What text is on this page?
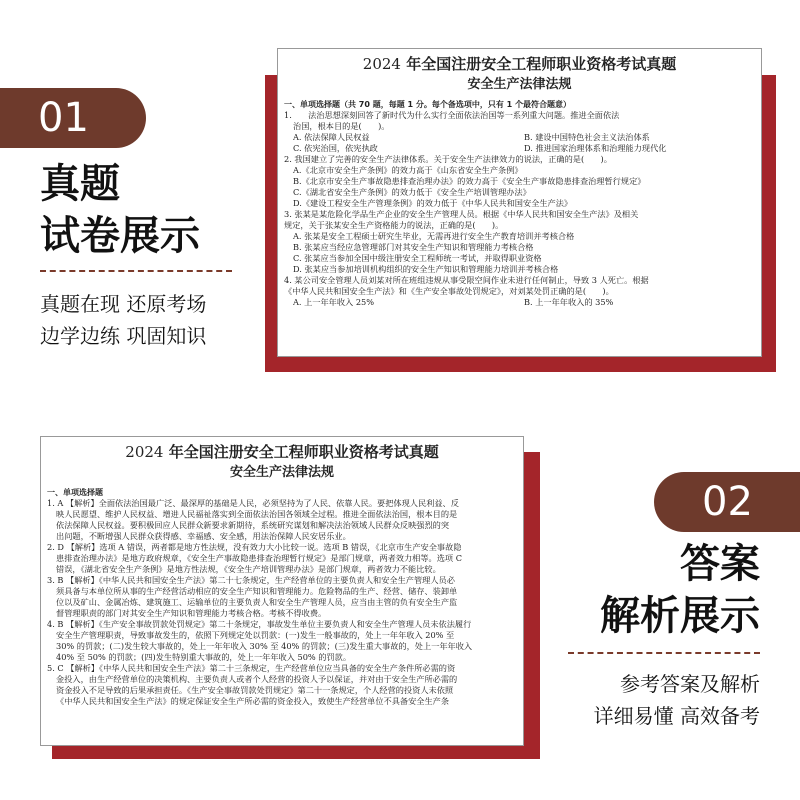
01
真题
试卷展示
真题在现 还原考场
边学边练 巩固知识
2024 年全国注册安全工程师职业资格考试真题
安全生产法律法规
一、单项选择题（共 70 题，每题 1 分。每个备选项中，只有 1 个最符合题意）
1.　　法治思想深刻回答了新时代为什么实行全面依法治国等一系列重大问题。推进全面依法
治国，根本目的是(　　)。
A. 依法保障人民权益	B. 建设中国特色社会主义法治体系
C. 依宪治国，依宪执政	D. 推进国家治理体系和治理能力现代化
2. 我国建立了完善的安全生产法律体系。关于安全生产法律效力的说法，正确的是(　　)。
A.《北京市安全生产条例》的效力高于《山东省安全生产条例》
B.《北京市安全生产事故隐患排查治理办法》的效力高于《安全生产事故隐患排查治理暂行规定》
C.《湖北省安全生产条例》的效力低于《安全生产培训管理办法》
D.《建设工程安全生产管理条例》的效力低于《中华人民共和国安全生产法》
3. 张某是某危险化学品生产企业的安全生产管理人员。根据《中华人民共和国安全生产法》及相关
规定，关于张某安全生产资格能力的说法，正确的是(　　)。
A. 张某是安全工程硕士研究生毕业，无需再进行安全生产教育培训并考核合格
B. 张某应当经应急管理部门对其安全生产知识和管理能力考核合格
C. 张某应当参加全国中级注册安全工程师统一考试，并取得职业资格
D. 张某应当参加培训机构组织的安全生产知识和管理能力培训并考核合格
4. 某公司安全管理人员刘某对所在班组违规从事受限空间作业未进行任何制止，导致 3 人死亡。根据
《中华人民共和国安全生产法》和《生产安全事故处罚规定》，对刘某处罚正确的是(　　)。
A. 上一年年收入 25%	B. 上一年年收入的 35%
2024 年全国注册安全工程师职业资格考试真题
安全生产法律法规
一、单项选择题
1. A 【解析】全面依法治国最广泛、最深厚的基础是人民，必须坚持为了人民、依靠人民。要把体现人民利益、反
映人民愿望、维护人民权益、增进人民福祉落实到全面依法治国各领域全过程。推进全面依法治国，根本目的是
依法保障人民权益。要积极回应人民群众新要求新期待，系统研究谋划和解决法治领域人民群众反映强烈的突
出问题，不断增强人民群众获得感、幸福感、安全感，用法治保障人民安居乐业。
2. D 【解析】选项 A 错误，两者都是地方性法规，没有效力大小比较一说。选项 B 错误，《北京市生产安全事故隐
患排查治理办法》是地方政府规章，《安全生产事故隐患排查治理暂行规定》是部门规章，两者效力相等。选项 C
错误，《湖北省安全生产条例》是地方性法规，《安全生产培训管理办法》是部门规章，两者效力不能比较。
3. B 【解析】《中华人民共和国安全生产法》第二十七条规定，生产经营单位的主要负责人和安全生产管理人员必
须具备与本单位所从事的生产经营活动相应的安全生产知识和管理能力。危险物品的生产、经营、储存、装卸单
位以及矿山、金属冶炼、建筑施工、运输单位的主要负责人和安全生产管理人员，应当由主管的负有安全生产监
督管理职责的部门对其安全生产知识和管理能力考核合格。考核不得收费。
4. B 【解析】《生产安全事故罚款处罚规定》第二十条规定，事故发生单位主要负责人和安全生产管理人员未依法履行
安全生产管理职责，导致事故发生的，依照下列规定处以罚款：(一)发生一般事故的，处上一年年收入 20% 至
30% 的罚款；(二)发生较大事故的，处上一年年收入 30% 至 40% 的罚款；(三)发生重大事故的，处上一年年收入
40% 至 50% 的罚款；(四)发生特别重大事故的，处上一年年收入 50% 的罚款。
5. C 【解析】《中华人民共和国安全生产法》第二十三条规定，生产经营单位应当具备的安全生产条件所必需的资
金投入，由生产经营单位的决策机构、主要负责人或者个人经营的投资人予以保证，并对由于安全生产所必需的
资金投入不足导致的后果承担责任。《生产安全事故罚款处罚规定》第二十一条规定，个人经营的投资人未依照
《中华人民共和国安全生产法》的规定保证安全生产所必需的资金投入，致使生产经营单位不具备安全生产条
02
答案
解析展示
参考答案及解析
详细易懂 高效备考
